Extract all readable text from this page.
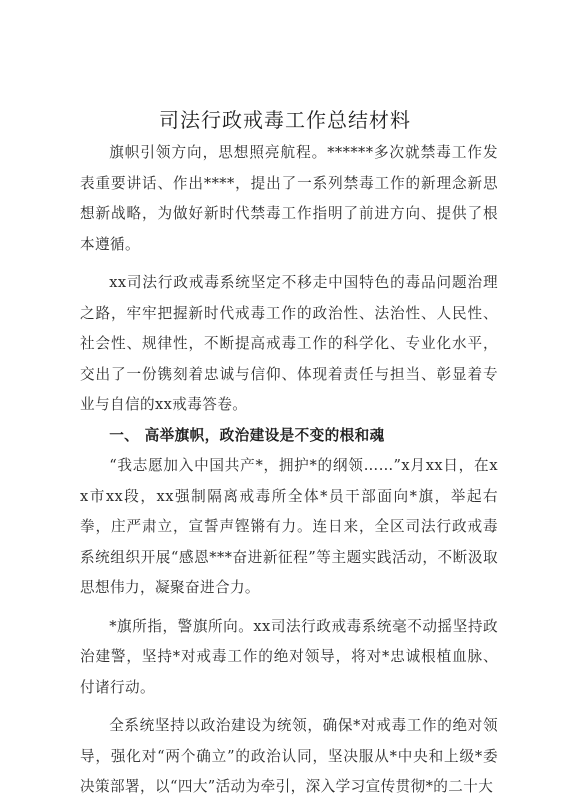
司法行政戒毒工作总结材料

旗帜引领方向，思想照亮航程。******多次就禁毒工作发表重要讲话、作出****，提出了一系列禁毒工作的新理念新思想新战略，为做好新时代禁毒工作指明了前进方向、提供了根本遵循。

xx司法行政戒毒系统坚定不移走中国特色的毒品问题治理之路，牢牢把握新时代戒毒工作的政治性、法治性、人民性、社会性、规律性，不断提高戒毒工作的科学化、专业化水平，交出了一份镌刻着忠诚与信仰、体现着责任与担当、彰显着专业与自信的xx戒毒答卷。

一、 高举旗帜，政治建设是不变的根和魂

“我志愿加入中国共产*，拥护*的纲领……”x月xx日，在xx市xx段，xx强制隔离戒毒所全体*员干部面向*旗，举起右拳，庄严肃立，宣誓声铿锵有力。连日来，全区司法行政戒毒系统组织开展“感恩***奋进新征程”等主题实践活动，不断汲取思想伟力，凝聚奋进合力。

*旗所指，警旗所向。xx司法行政戒毒系统毫不动摇坚持政治建警，坚持*对戒毒工作的绝对领导，将对*忠诚根植血脉、付诸行动。

全系统坚持以政治建设为统领，确保*对戒毒工作的绝对领导，强化对“两个确立”的政治认同，坚决服从*中央和上级*委决策部署，以“四大”活动为牵引，深入学习宣传贯彻*的二十大
